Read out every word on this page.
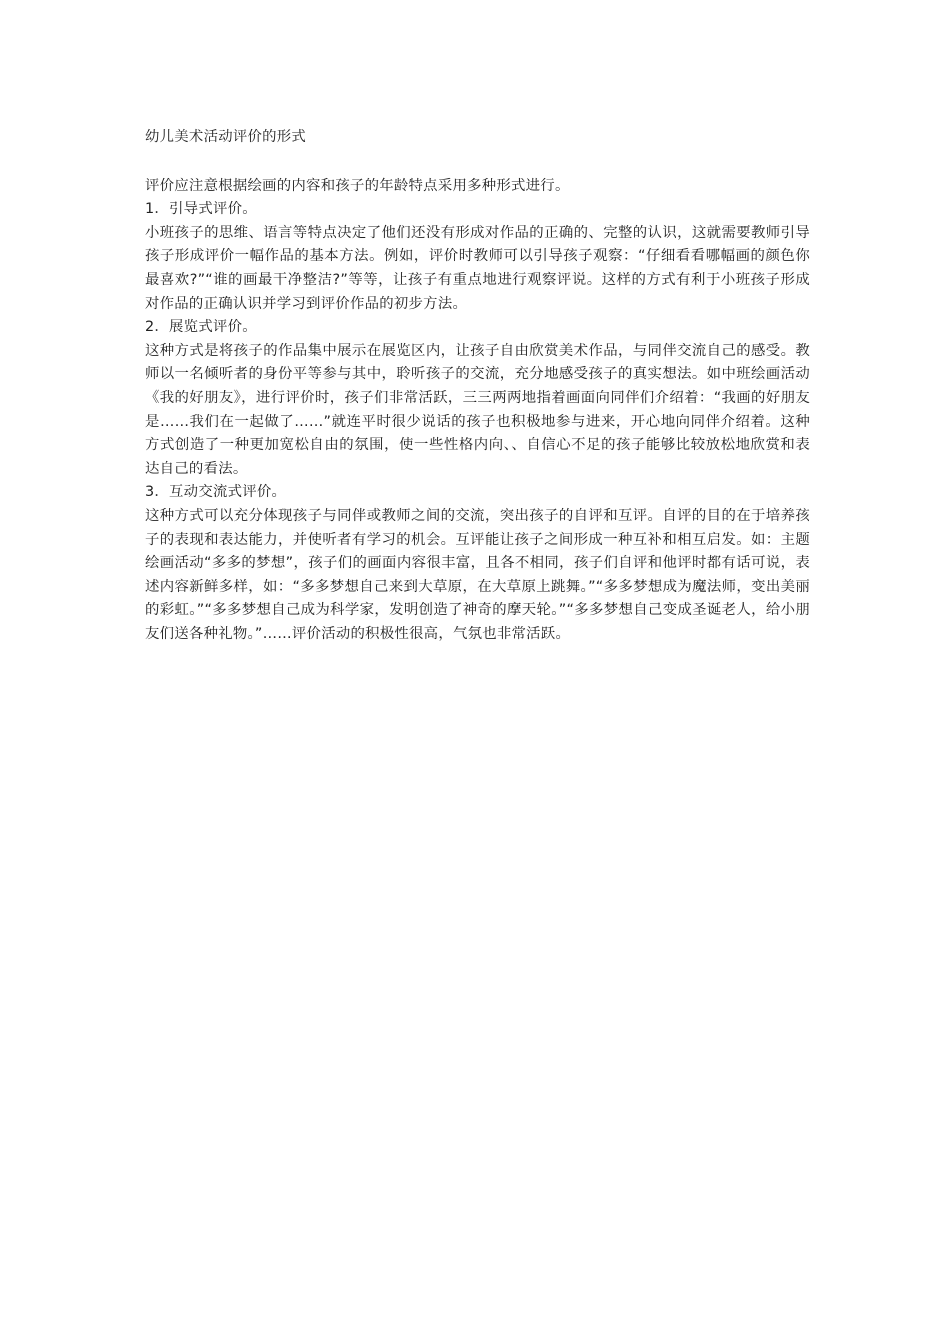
幼儿美术活动评价的形式

评价应注意根据绘画的内容和孩子的年龄特点采用多种形式进行。

1．引导式评价。

小班孩子的思维、语言等特点决定了他们还没有形成对作品的正确的、完整的认识，这就需要教师引导孩子形成评价一幅作品的基本方法。例如，评价时教师可以引导孩子观察：“仔细看看哪幅画的颜色你最喜欢?”“谁的画最干净整洁?”等等，让孩子有重点地进行观察评说。这样的方式有利于小班孩子形成对作品的正确认识并学习到评价作品的初步方法。

2．展览式评价。

这种方式是将孩子的作品集中展示在展览区内，让孩子自由欣赏美术作品，与同伴交流自己的感受。教师以一名倾听者的身份平等参与其中，聆听孩子的交流，充分地感受孩子的真实想法。如中班绘画活动《我的好朋友》，进行评价时，孩子们非常活跃，三三两两地指着画面向同伴们介绍着：“我画的好朋友是……我们在一起做了……”就连平时很少说话的孩子也积极地参与进来，开心地向同伴介绍着。这种方式创造了一种更加宽松自由的氛围，使一些性格内向、、自信心不足的孩子能够比较放松地欣赏和表达自己的看法。

3．互动交流式评价。

这种方式可以充分体现孩子与同伴或教师之间的交流，突出孩子的自评和互评。自评的目的在于培养孩子的表现和表达能力，并使听者有学习的机会。互评能让孩子之间形成一种互补和相互启发。如：主题绘画活动“多多的梦想”，孩子们的画面内容很丰富，且各不相同，孩子们自评和他评时都有话可说，表述内容新鲜多样，如：“多多梦想自己来到大草原，在大草原上跳舞。”“多多梦想成为魔法师，变出美丽的彩虹。”“多多梦想自己成为科学家，发明创造了神奇的摩天轮。”“多多梦想自己变成圣诞老人，给小朋友们送各种礼物。”……评价活动的积极性很高，气氛也非常活跃。
